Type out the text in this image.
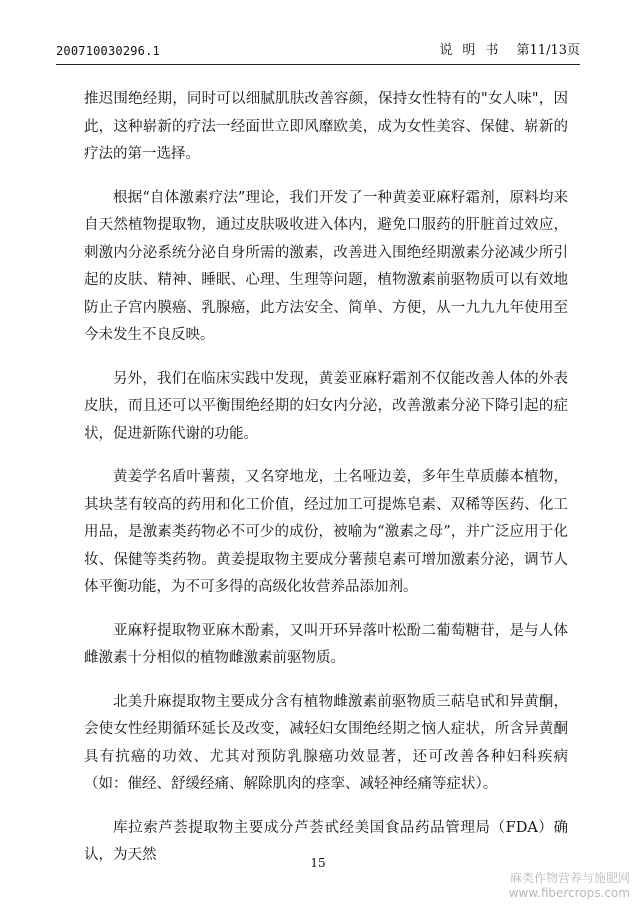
200710030296.1	说明书 第11/13页

推迟围绝经期，同时可以细腻肌肤改善容颜，保持女性特有的"女人味"，因此，这种崭新的疗法一经面世立即风靡欧美，成为女性美容、保健、崭新的疗法的第一选择。

根据“自体激素疗法”理论，我们开发了一种黄姜亚麻籽霜剂，原料均来自天然植物提取物，通过皮肤吸收进入体内，避免口服药的肝脏首过效应，刺激内分泌系统分泌自身所需的激素，改善进入围绝经期激素分泌减少所引起的皮肤、精神、睡眠、心理、生理等问题，植物激素前驱物质可以有效地防止子宫内膜癌、乳腺癌，此方法安全、简单、方便，从一九九九年使用至今未发生不良反映。

另外，我们在临床实践中发现，黄姜亚麻籽霜剂不仅能改善人体的外表皮肤，而且还可以平衡围绝经期的妇女内分泌，改善激素分泌下降引起的症状，促进新陈代谢的功能。

黄姜学名盾叶薯蓣，又名穿地龙，土名哑边姜，多年生草质藤本植物，其块茎有较高的药用和化工价值，经过加工可提炼皂素、双稀等医药、化工用品，是激素类药物必不可少的成份，被喻为“激素之母”，并广泛应用于化妆、保健等类药物。黄姜提取物主要成分薯蓣皂素可增加激素分泌，调节人体平衡功能，为不可多得的高级化妆营养品添加剂。

亚麻籽提取物亚麻木酚素，又叫开环异落叶松酚二葡萄糖苷，是与人体雌激素十分相似的植物雌激素前驱物质。

北美升麻提取物主要成分含有植物雌激素前驱物质三萜皂甙和异黄酮，会使女性经期循环延长及改变，减轻妇女围绝经期之恼人症状，所含异黄酮具有抗癌的功效、尤其对预防乳腺癌功效显著，还可改善各种妇科疾病（如：催经、舒缓经痛、解除肌肉的痉挛、减轻神经痛等症状）。

库拉索芦荟提取物主要成分芦荟甙经美国食品药品管理局（FDA）确认，为天然	15
麻类作物营养与施肥网
www.fibercrops.com
